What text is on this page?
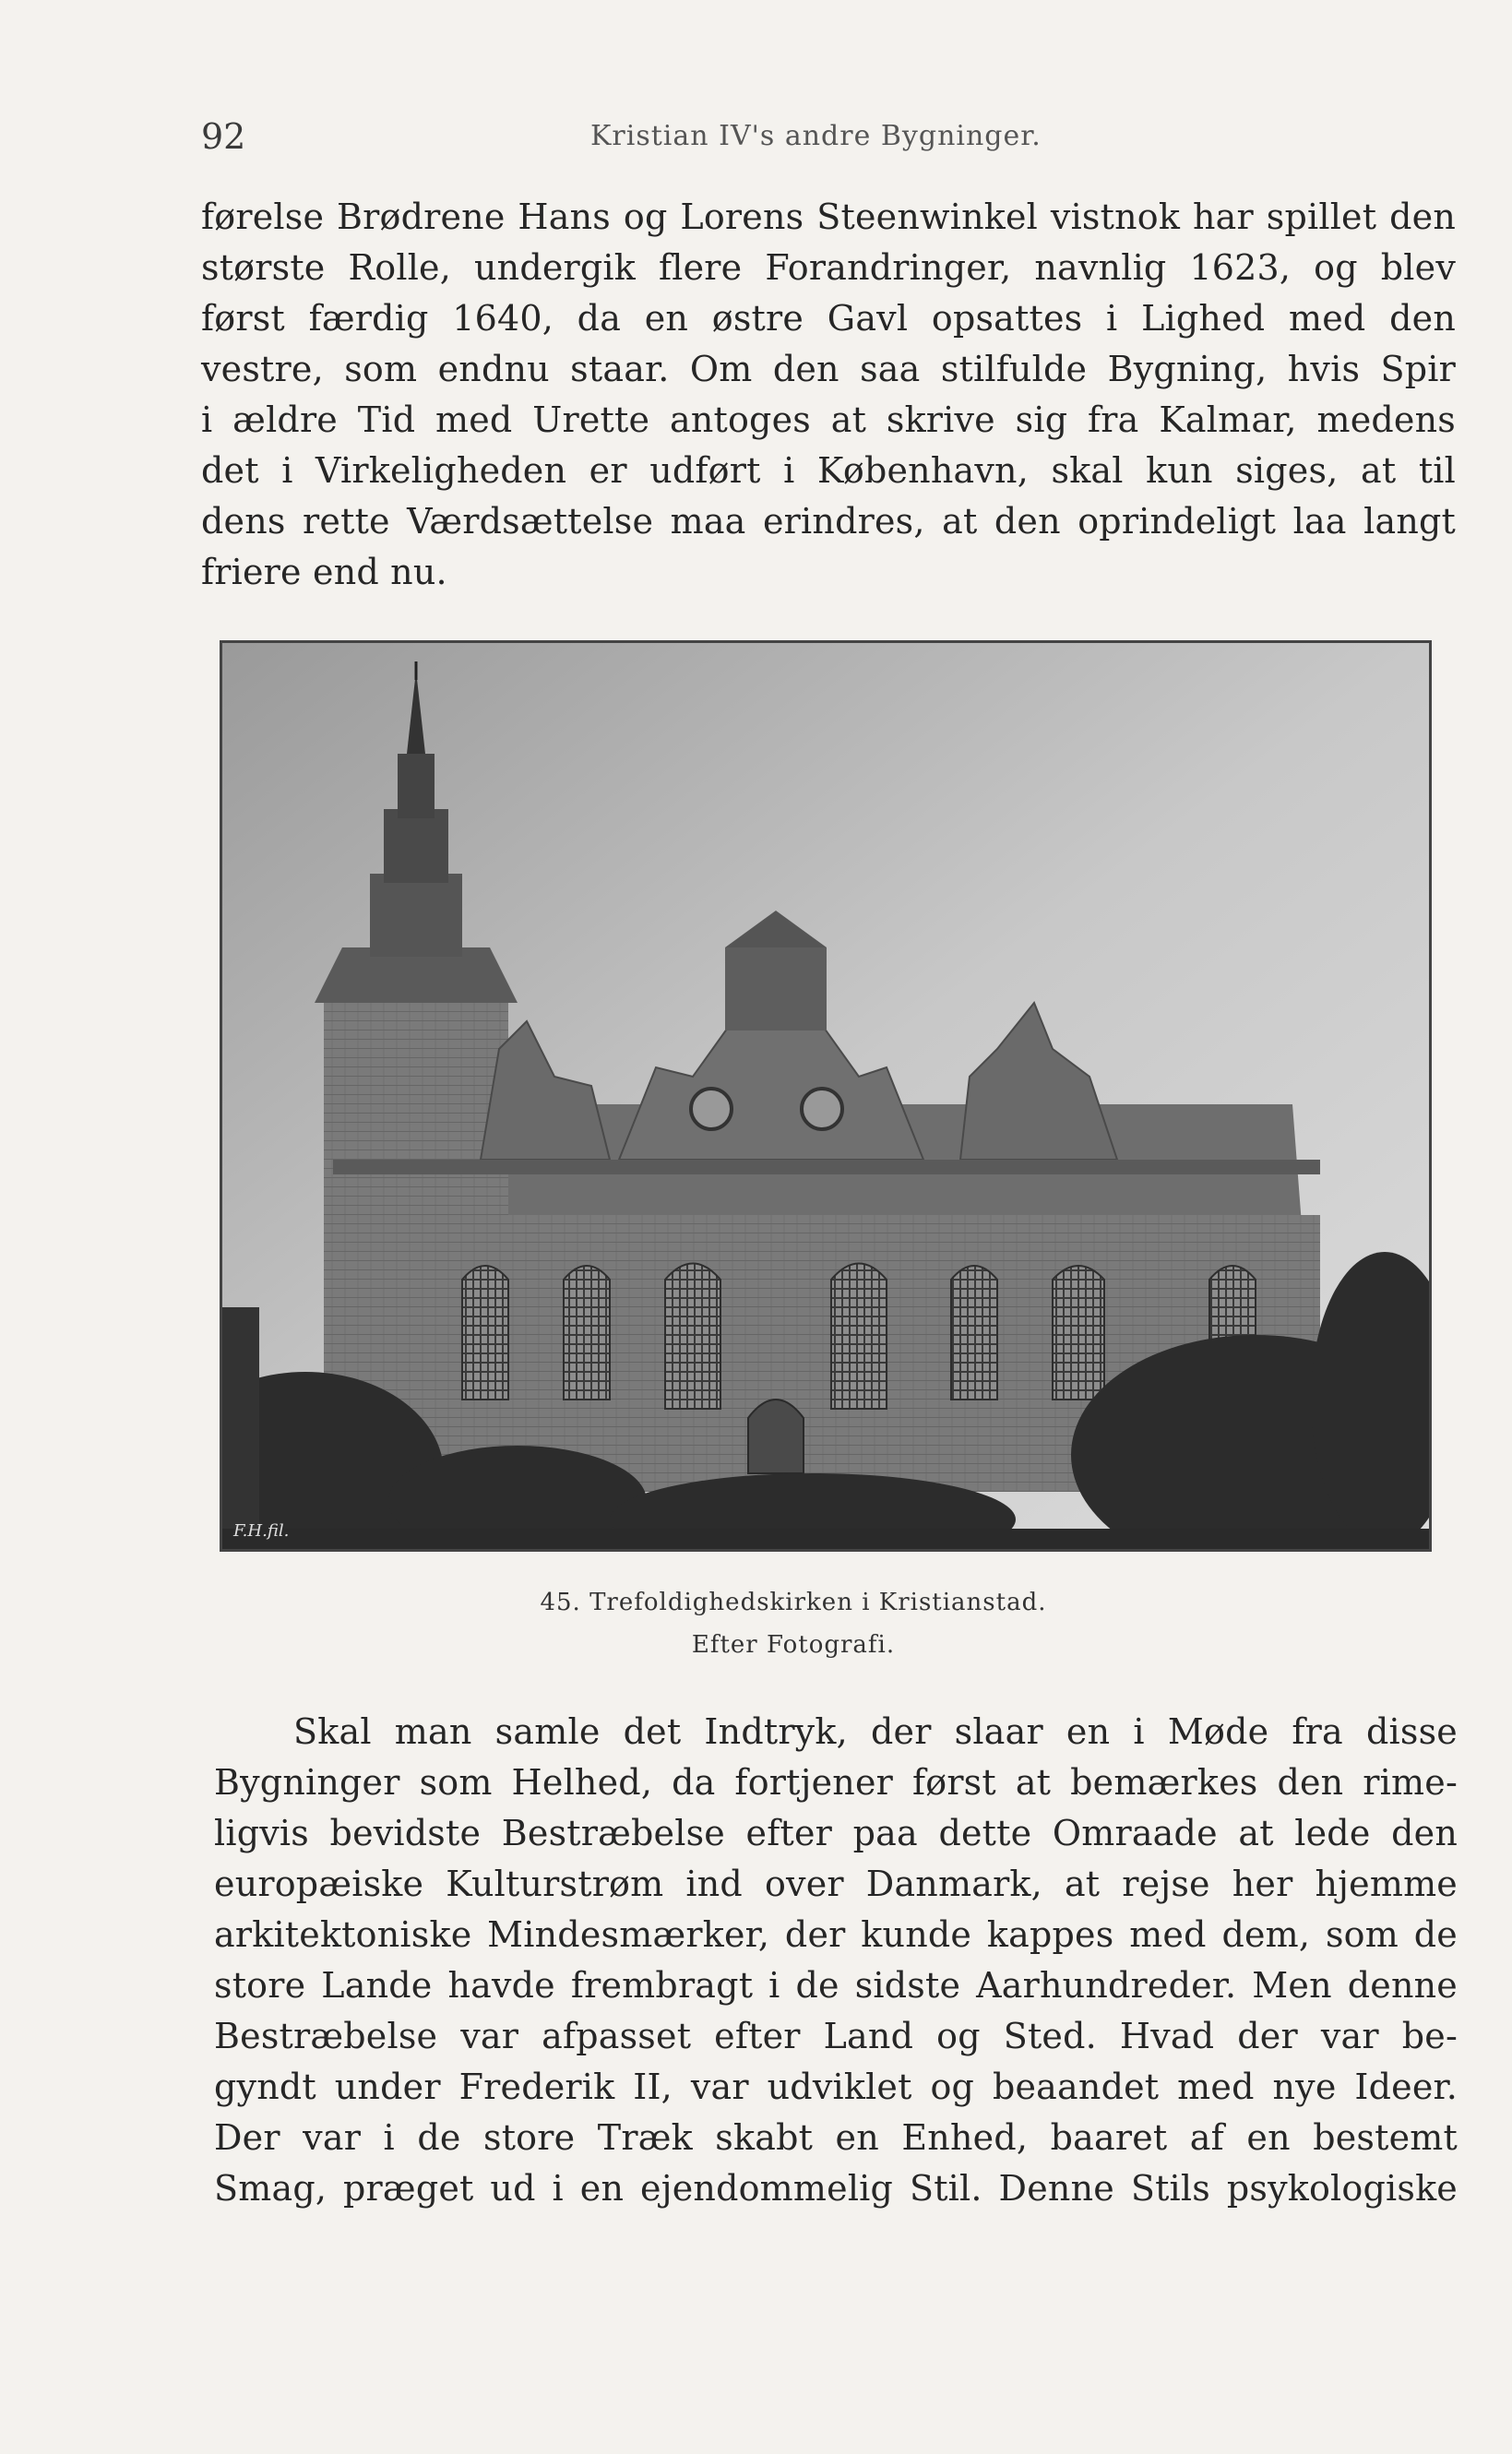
92	Kristian IV's andre Bygninger.
førelse Brødrene Hans og Lorens Steenwinkel vistnok har spillet den
største Rolle, undergik flere Forandringer, navnlig 1623, og blev
først færdig 1640, da en østre Gavl opsattes i Lighed med den
vestre, som endnu staar. Om den saa stilfulde Bygning, hvis Spir
i ældre Tid med Urette antoges at skrive sig fra Kalmar, medens
det i Virkeligheden er udført i København, skal kun siges, at til
dens rette Værdsættelse maa erindres, at den oprindeligt laa langt
friere end nu.
F.H.fil.
45. Trefoldighedskirken i Kristianstad.
Efter Fotografi.
Skal man samle det Indtryk, der slaar en i Møde fra disse
Bygninger som Helhed, da fortjener først at bemærkes den rime-
ligvis bevidste Bestræbelse efter paa dette Omraade at lede den
europæiske Kulturstrøm ind over Danmark, at rejse her hjemme
arkitektoniske Mindesmærker, der kunde kappes med dem, som de
store Lande havde frembragt i de sidste Aarhundreder. Men denne
Bestræbelse var afpasset efter Land og Sted. Hvad der var be-
gyndt under Frederik II, var udviklet og beaandet med nye Ideer.
Der var i de store Træk skabt en Enhed, baaret af en bestemt
Smag, præget ud i en ejendommelig Stil. Denne Stils psykologiske
